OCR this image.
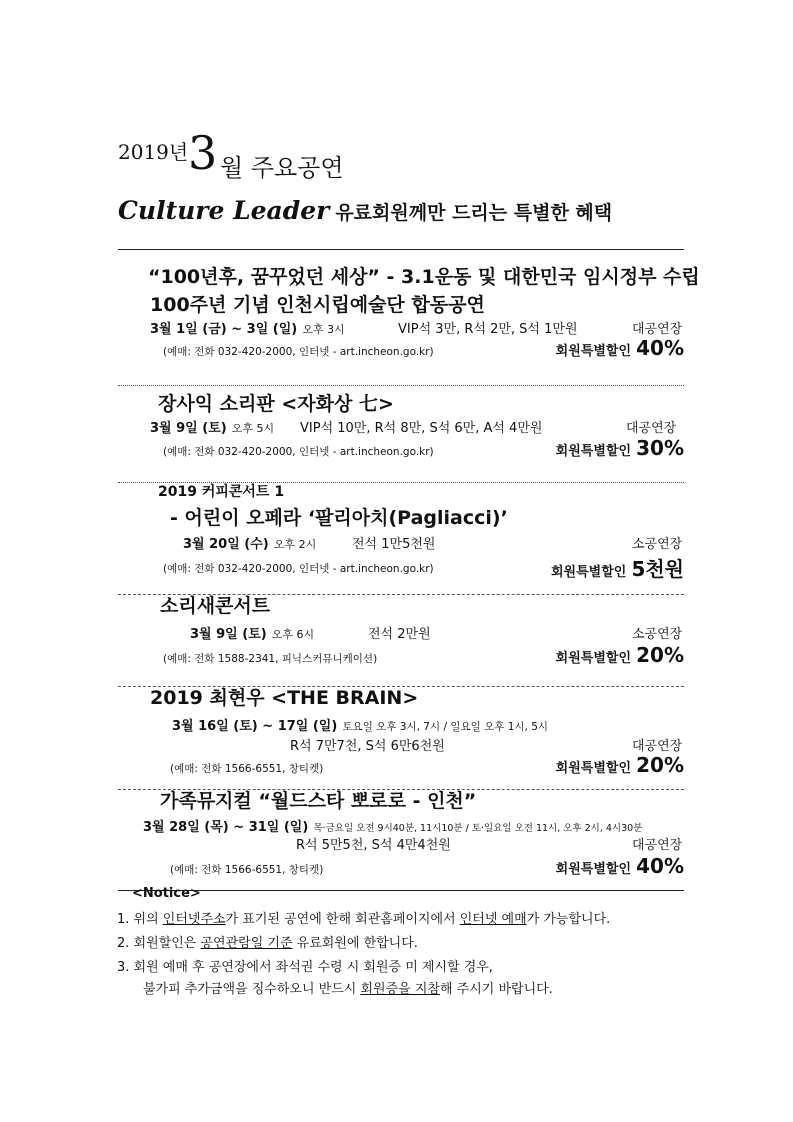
2019년 3 월 주요공연
Culture Leader 유료회원께만 드리는 특별한 혜택
“100년후, 꿈꾸었던 세상” - 3.1운동 및 대한민국 임시정부 수립
100주년 기념 인천시립예술단 합동공연
3월 1일 (금) ~ 3일 (일) 오후 3시	VIP석 3만, R석 2만, S석 1만원	대공연장
(예매: 전화 032-420-2000, 인터넷 - art.incheon.go.kr)	회원특별할인 40%
장사익 소리판 <자화상 七>
3월 9일 (토) 오후 5시 VIP석 10만, R석 8만, S석 6만, A석 4만원	대공연장
(예매: 전화 032-420-2000, 인터넷 - art.incheon.go.kr)	회원특별할인 30%
2019 커피콘서트 1
- 어린이 오페라 ‘팔리아치(Pagliacci)’
3월 20일 (수) 오후 2시	전석 1만5천원	소공연장
(예매: 전화 032-420-2000, 인터넷 - art.incheon.go.kr)	회원특별할인 5천원
소리새콘서트
3월 9일 (토) 오후 6시	전석 2만원	소공연장
(예매: 전화 1588-2341, 피닉스커뮤니케이션)	회원특별할인 20%
2019 최현우 <THE BRAIN>
3월 16일 (토) ~ 17일 (일) 토요일 오후 3시, 7시 / 일요일 오후 1시, 5시
R석 7만7천, S석 6만6천원	대공연장
(예매: 전화 1566-6551, 창티켓)	회원특별할인 20%
가족뮤지컬 “월드스타 뽀로로 - 인천”
3월 28일 (목) ~ 31일 (일) 목·금요일 오전 9시40분, 11시10분 / 토·일요일 오전 11시, 오후 2시, 4시30분
R석 5만5천, S석 4만4천원	대공연장
(예매: 전화 1566-6551, 창티켓)	회원특별할인 40%
<Notice>
1. 위의 인터넷주소가 표기된 공연에 한해 회관홈페이지에서 인터넷 예매가 가능합니다.
2. 회원할인은 공연관람일 기준 유료회원에 한합니다.
3. 회원 예매 후 공연장에서 좌석권 수령 시 회원증 미 제시할 경우,
불가피 추가금액을 징수하오니 반드시 회원증을 지참해 주시기 바랍니다.
